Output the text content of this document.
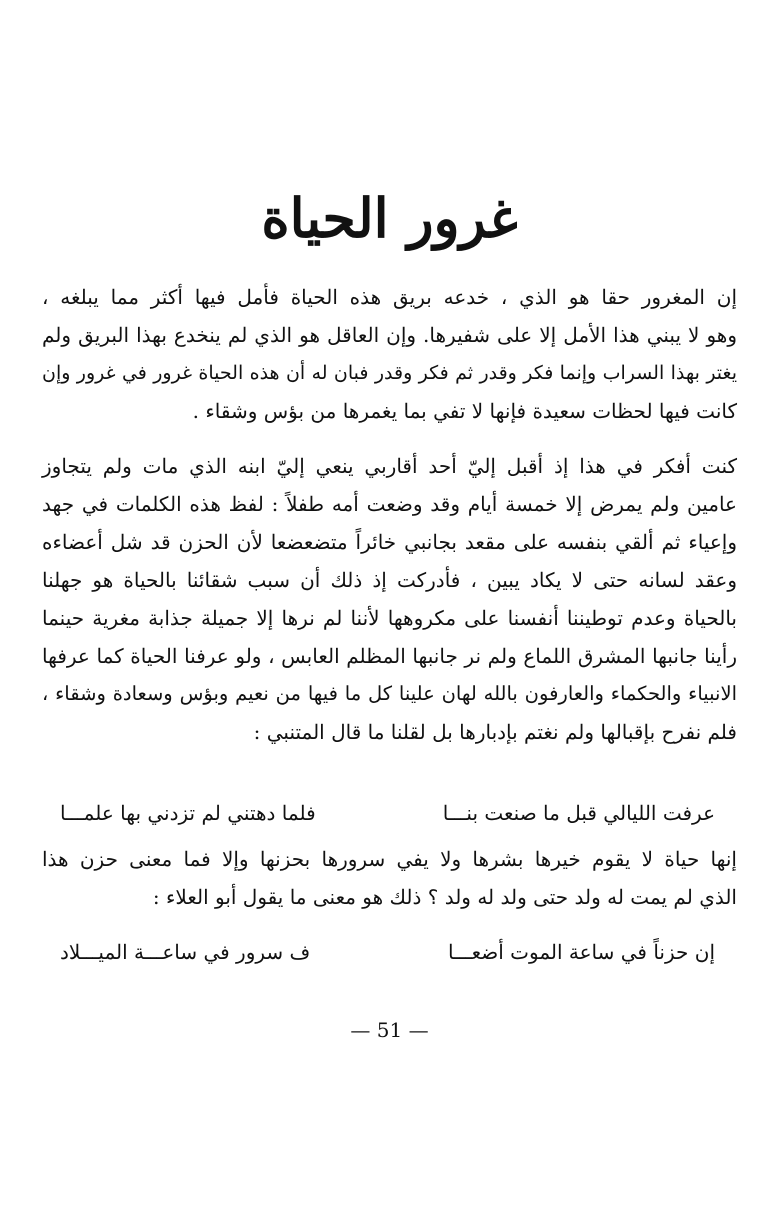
غرور الحياة
إن المغرور حقا هو الذي ، خدعه بريق هذه الحياة فأمل فيها أكثر مما يبلغه ،
وهو لا يبني هذا الأمل إلا على شفيرها. وإن العاقل هو الذي لم ينخدع بهذا البريق ولم
يغتر بهذا السراب وإنما فكر وقدر ثم فكر وقدر فبان له أن هذه الحياة غرور في غرور وإن
كانت فيها لحظات سعيدة فإنها لا تفي بما يغمرها من بؤس وشقاء .
كنت أفكر في هذا إذ أقبل إليّ أحد أقاربي ينعي إليّ ابنه الذي مات ولم يتجاوز
عامين ولم يمرض إلا خمسة أيام وقد وضعت أمه طفلاً : لفظ هذه الكلمات في جهد
وإعياء ثم ألقي بنفسه على مقعد بجانبي خائراً متضعضعا لأن الحزن قد شل أعضاءه
وعقد لسانه حتى لا يكاد يبين ، فأدركت إذ ذلك أن سبب شقائنا بالحياة هو جهلنا
بالحياة وعدم توطيننا أنفسنا على مكروهها لأننا لم نرها إلا جميلة جذابة مغرية حينما
رأينا جانبها المشرق اللماع ولم نر جانبها المظلم العابس ، ولو عرفنا الحياة كما عرفها
الانبياء والحكماء والعارفون بالله لهان علينا كل ما فيها من نعيم وبؤس وسعادة وشقاء ،
فلم نفرح بإقبالها ولم نغتم بإدبارها بل لقلنا ما قال المتنبي :
عرفت الليالي قبل ما صنعت بنـــا
فلما دهتني لم تزدني بها علمـــا
إنها حياة لا يقوم خيرها بشرها ولا يفي سرورها بحزنها وإلا فما معنى حزن هذا
الذي لم يمت له ولد حتى ولد له ولد ؟ ذلك هو معنى ما يقول أبو العلاء :
إن حزناً في ساعة الموت أضعـــا
ف سرور في ساعـــة الميـــلاد
— 51 —
